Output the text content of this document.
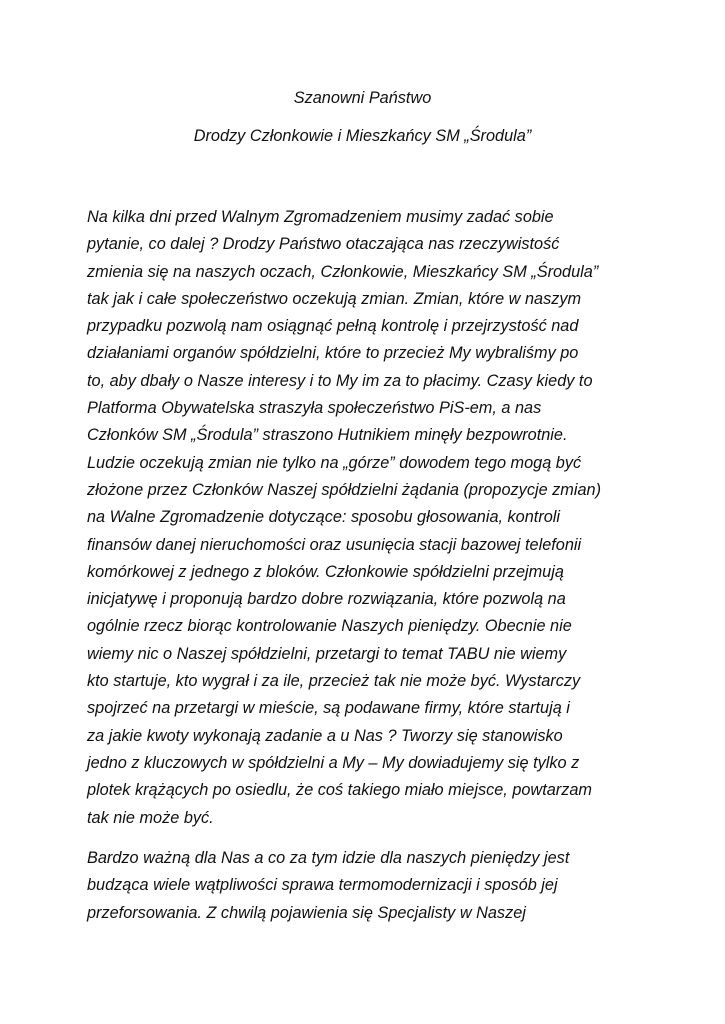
Szanowni Państwo
Drodzy Członkowie i Mieszkańcy SM „Środula”
Na kilka dni przed Walnym Zgromadzeniem musimy zadać sobie
pytanie, co dalej ? Drodzy Państwo otaczająca nas rzeczywistość
zmienia się na naszych oczach, Członkowie, Mieszkańcy SM „Środula”
tak jak i całe społeczeństwo oczekują zmian. Zmian, które w naszym
przypadku pozwolą nam osiągnąć pełną kontrolę i przejrzystość nad
działaniami organów spółdzielni, które to przecież My wybraliśmy po
to, aby dbały o Nasze interesy i to My im za to płacimy. Czasy kiedy to
Platforma Obywatelska straszyła społeczeństwo PiS-em, a nas
Członków SM „Środula” straszono Hutnikiem minęły bezpowrotnie.
Ludzie oczekują zmian nie tylko na „górze” dowodem tego mogą być
złożone przez Członków Naszej spółdzielni żądania (propozycje zmian)
na Walne Zgromadzenie dotyczące: sposobu głosowania, kontroli
finansów danej nieruchomości oraz usunięcia stacji bazowej telefonii
komórkowej z jednego z bloków. Członkowie spółdzielni przejmują
inicjatywę i proponują bardzo dobre rozwiązania, które pozwolą na
ogólnie rzecz biorąc kontrolowanie Naszych pieniędzy. Obecnie nie
wiemy nic o Naszej spółdzielni, przetargi to temat TABU nie wiemy
kto startuje, kto wygrał i za ile, przecież tak nie może być. Wystarczy
spojrzeć na przetargi w mieście, są podawane firmy, które startują i
za jakie kwoty wykonają zadanie a u Nas ? Tworzy się stanowisko
jedno z kluczowych w spółdzielni a My – My dowiadujemy się tylko z
plotek krążących po osiedlu, że coś takiego miało miejsce, powtarzam
tak nie może być.
Bardzo ważną dla Nas a co za tym idzie dla naszych pieniędzy jest
budząca wiele wątpliwości sprawa termomodernizacji i sposób jej
przeforsowania. Z chwilą pojawienia się Specjalisty w Naszej
